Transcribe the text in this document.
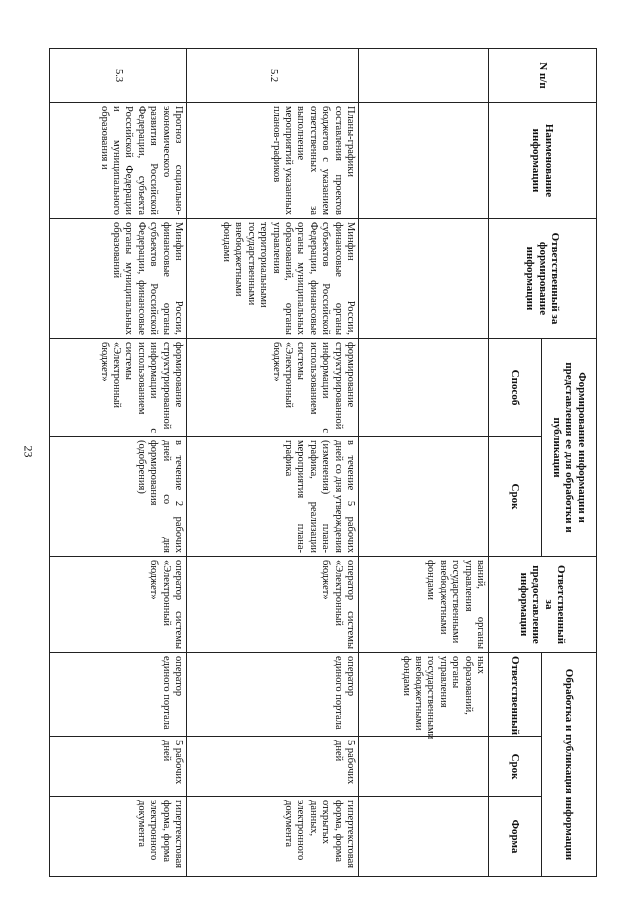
23
N п/п	Наименование информации	Ответственный за формирование информации	Формирование информации и представления ее для обработки и публикации		Ответственный за предоставление информации	Обработка и публикация информации		
			Способ	Срок		Ответственный	Срок	Форма
					ваний, органы управления государственными внебюджетными фондами	ных образований, органы управления государственными внебюджетными фондами		
5.2	Планы-графики составления проектов бюджетов с указанием ответственных за выполнение мероприятий указанных планов-графиков	Минфин России, финансовые органы субъектов Российской Федерации, финансовые органы муниципальных образований, органы управления территориальными государственными внебюджетными фондами	формирование структурированной информации с использованием системы «Электронный бюджет»	в течение 5 рабочих дней со дня утверждения (изменения) плана-графика, реализации мероприятия плана-графика	оператор системы «Электронный бюджет»	оператор единого портала	5 рабочих дней	гипертекстовая форма, форма открытых данных, электронного документа
5.3	Прогноз социально-экономического развития Российской Федерации, субъекта Российской Федерации и муниципального образования и	Минфин России, финансовые органы субъектов Российской Федерации, финансовые органы муниципальных образований	формирование структурированной информации с использованием системы «Электронный бюджет»	в течение 2 рабочих дней со дня формирования (одобрения)	оператор системы «Электронный бюджет»	оператор единого портала	5 рабочих дней	гипертекстовая форма, форма электронного документа
